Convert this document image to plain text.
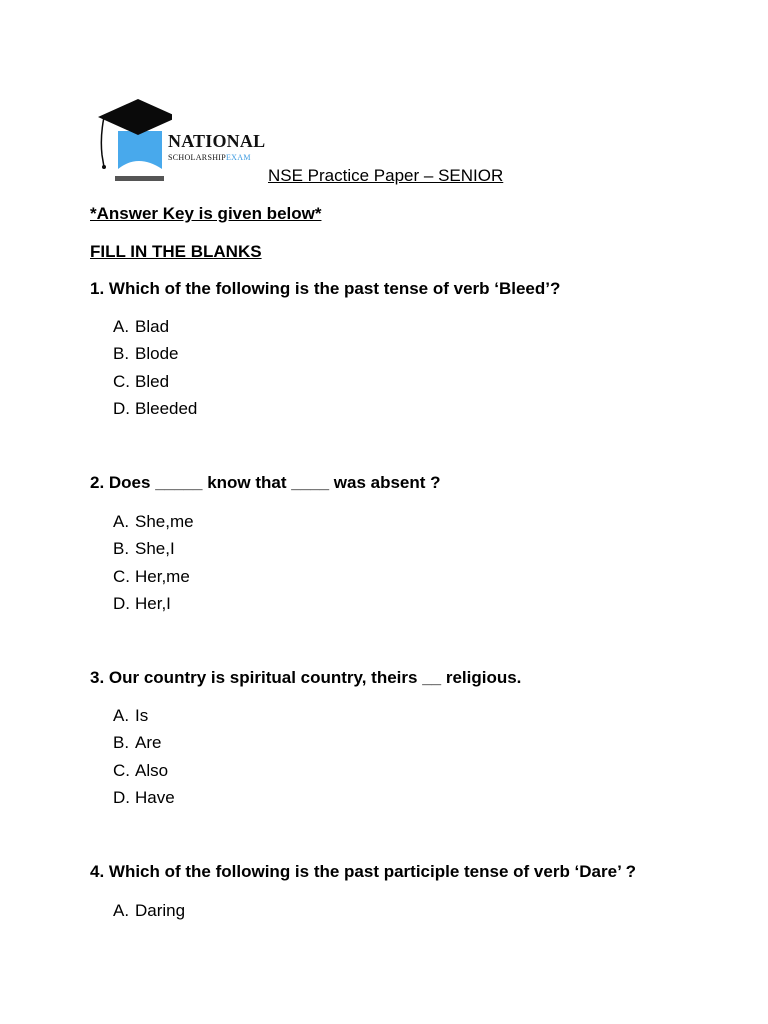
NATIONAL
SCHOLARSHIPEXAM
NSE Practice Paper – SENIOR
*Answer Key is given below*
FILL IN THE BLANKS
1. Which of the following is the past tense of verb ‘Bleed’?
A. Blad
B. Blode
C. Bled
D. Bleeded
2. Does _____ know that ____ was absent ?
A. She,me
B. She,I
C. Her,me
D. Her,I
3. Our country is spiritual country, theirs __ religious.
A. Is
B. Are
C. Also
D. Have
4. Which of the following is the past participle tense of verb ‘Dare’ ?
A. Daring
